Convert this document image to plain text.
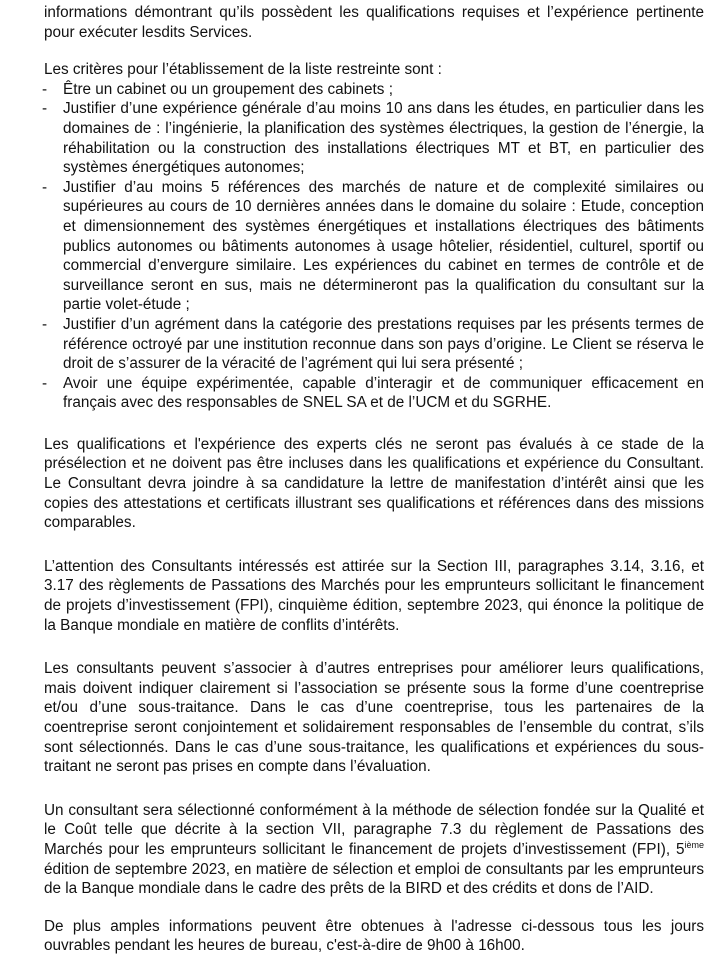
informations démontrant qu’ils possèdent les qualifications requises et l’expérience pertinente pour exécuter lesdits Services.

Les critères pour l’établissement de la liste restreinte sont :

- Être un cabinet ou un groupement des cabinets ;
- Justifier d’une expérience générale d’au moins 10 ans dans les études, en particulier dans les domaines de : l’ingénierie, la planification des systèmes électriques, la gestion de l’énergie, la réhabilitation ou la construction des installations électriques MT et BT, en particulier des systèmes énergétiques autonomes;
- Justifier d’au moins 5 références des marchés de nature et de complexité similaires ou supérieures au cours de 10 dernières années dans le domaine du solaire : Etude, conception et dimensionnement des systèmes énergétiques et installations électriques des bâtiments publics autonomes ou bâtiments autonomes à usage hôtelier, résidentiel, culturel, sportif ou commercial d’envergure similaire. Les expériences du cabinet en termes de contrôle et de surveillance seront en sus, mais ne détermineront pas la qualification du consultant sur la partie volet-étude ;
- Justifier d’un agrément dans la catégorie des prestations requises par les présents termes de référence octroyé par une institution reconnue dans son pays d’origine. Le Client se réserva le droit de s’assurer de la véracité de l’agrément qui lui sera présenté ;
- Avoir une équipe expérimentée, capable d’interagir et de communiquer efficacement en français avec des responsables de SNEL SA et de l’UCM et du SGRHE.

Les qualifications et l'expérience des experts clés ne seront pas évalués à ce stade de la présélection et ne doivent pas être incluses dans les qualifications et expérience du Consultant. Le Consultant devra joindre à sa candidature la lettre de manifestation d’intérêt ainsi que les copies des attestations et certificats illustrant ses qualifications et références dans des missions comparables.

L’attention des Consultants intéressés est attirée sur la Section III, paragraphes 3.14, 3.16, et 3.17 des règlements de Passations des Marchés pour les emprunteurs sollicitant le financement de projets d’investissement (FPI), cinquième édition, septembre 2023, qui énonce la politique de la Banque mondiale en matière de conflits d’intérêts.

Les consultants peuvent s’associer à d’autres entreprises pour améliorer leurs qualifications, mais doivent indiquer clairement si l’association se présente sous la forme d’une coentreprise et/ou d’une sous-traitance. Dans le cas d’une coentreprise, tous les partenaires de la coentreprise seront conjointement et solidairement responsables de l’ensemble du contrat, s’ils sont sélectionnés. Dans le cas d’une sous-traitance, les qualifications et expériences du sous-traitant ne seront pas prises en compte dans l’évaluation.

Un consultant sera sélectionné conformément à la méthode de sélection fondée sur la Qualité et le Coût telle que décrite à la section VII, paragraphe 7.3 du règlement de Passations des Marchés pour les emprunteurs sollicitant le financement de projets d’investissement (FPI), 5ième édition de septembre 2023, en matière de sélection et emploi de consultants par les emprunteurs de la Banque mondiale dans le cadre des prêts de la BIRD et des crédits et dons de l’AID.

De plus amples informations peuvent être obtenues à l'adresse ci-dessous tous les jours ouvrables pendant les heures de bureau, c'est-à-dire de 9h00 à 16h00.
